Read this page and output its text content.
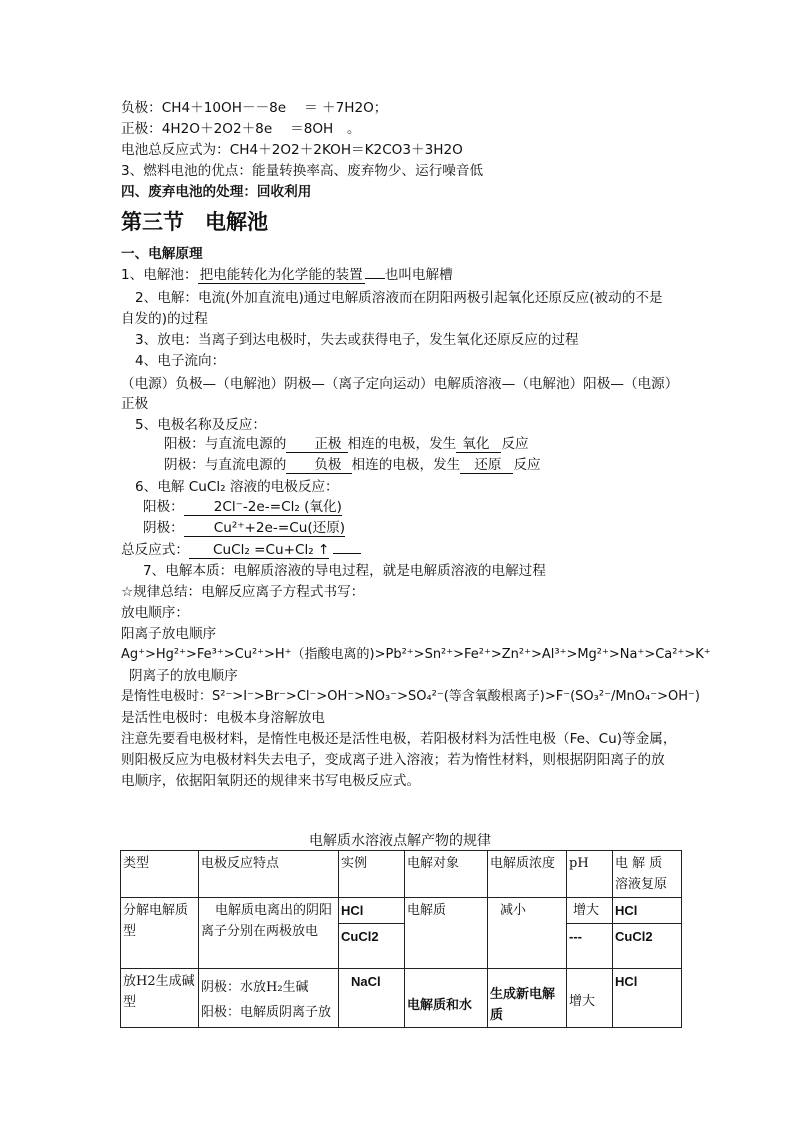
负极：CH4＋10OH－－8e　 ＝ ＋7H2O；
正极：4H2O＋2O2＋8e 　＝8OH　。
电池总反应式为：CH4＋2O2＋2KOH＝K2CO3＋3H2O
3、燃料电池的优点：能量转换率高、废弃物少、运行噪音低
四、废弃电池的处理：回收利用
第三节　电解池
一、电解原理
1、电解池： 把电能转化为化学能的装置 也叫电解槽
2、电解：电流(外加直流电)通过电解质溶液而在阴阳两极引起氧化还原反应(被动的不是
自发的)的过程
3、放电：当离子到达电极时，失去或获得电子，发生氧化还原反应的过程
4、电子流向：
（电源）负极—（电解池）阴极—（离子定向运动）电解质溶液—（电解池）阳极—（电源）
正极
5、电极名称及反应：
阳极：与直流电源的 正极 相连的电极，发生 氧化 反应
阴极：与直流电源的 负极 相连的电极，发生 还原 反应
6、电解 CuCl₂ 溶液的电极反应：
阳极： 2Cl⁻-2e-=Cl₂ (氧化)
阴极： Cu²⁺+2e-=Cu(还原)
总反应式： CuCl₂ =Cu+Cl₂ ↑
7、电解本质：电解质溶液的导电过程，就是电解质溶液的电解过程
☆规律总结：电解反应离子方程式书写：
放电顺序：
阳离子放电顺序
Ag⁺>Hg²⁺>Fe³⁺>Cu²⁺>H⁺（指酸电离的)>Pb²⁺>Sn²⁺>Fe²⁺>Zn²⁺>Al³⁺>Mg²⁺>Na⁺>Ca²⁺>K⁺
阴离子的放电顺序
是惰性电极时：S²⁻>I⁻>Br⁻>Cl⁻>OH⁻>NO₃⁻>SO₄²⁻(等含氧酸根离子)>F⁻(SO₃²⁻/MnO₄⁻>OH⁻)
是活性电极时：电极本身溶解放电
注意先要看电极材料，是惰性电极还是活性电极，若阳极材料为活性电极（Fe、Cu)等金属，
则阳极反应为电极材料失去电子，变成离子进入溶液；若为惰性材料，则根据阴阳离子的放
电顺序，依据阳氧阴还的规律来书写电极反应式。
电解质水溶液点解产物的规律
类型	电极反应特点	实例	电解对象	电解质浓度	pH	电 解 质 溶液复原
分解电解质型	电解质电离出的阴阳离子分别在两极放电	HCl	电解质	减小	增大	HCl
		CuCl2			---	CuCl2
放H2生成碱型	阴极：水放H₂生碱
阳极：电解质阴离子放	NaCl	电解质和水	生成新电解质	增大	HCl
